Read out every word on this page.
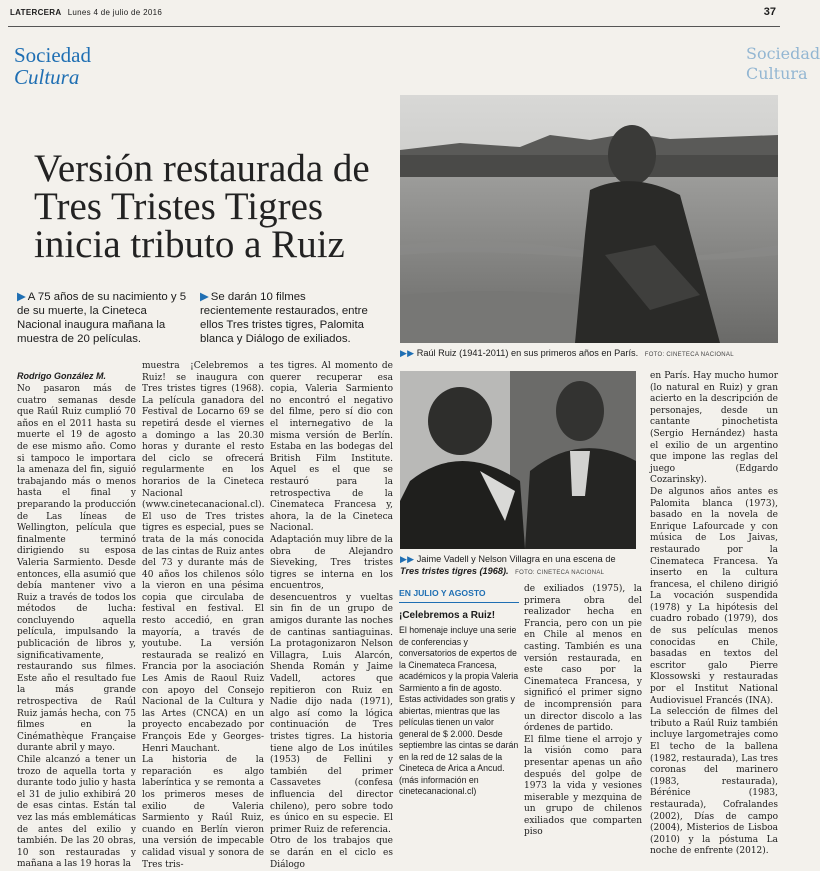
LATERCERA Lunes 4 de julio de 2016	37
Sociedad
Cultura
Sociedad
Cultura
Versión restaurada de Tres Tristes Tigres inicia tributo a Ruiz
▶ A 75 años de su nacimiento y 5 de su muerte, la Cineteca Nacional inaugura mañana la muestra de 20 películas.
▶ Se darán 10 filmes recientemente restaurados, entre ellos Tres tristes tigres, Palomita blanca y Diálogo de exiliados.
Rodrigo González M.
No pasaron más de cuatro semanas desde que Raúl Ruiz cumplió 70 años en el 2011 hasta su muerte el 19 de agosto de ese mismo año. Como si tampoco le importara la amenaza del fin, siguió trabajando más o menos hasta el final y preparando la producción de Las líneas de Wellington, película que finalmente terminó dirigiendo su esposa Valeria Sarmiento. Desde entonces, ella asumió que debía mantener vivo a Ruiz a través de todos los métodos de lucha: concluyendo aquella película, impulsando la publicación de libros y, significativamente, restaurando sus filmes. Este año el resultado fue la más grande retrospectiva de Raúl Ruiz jamás hecha, con 75 filmes en la Cinémathèque Française durante abril y mayo.
Chile alcanzó a tener un trozo de aquella torta y durante todo julio y hasta el 31 de julio exhibirá 20 de esas cintas. Están tal vez las más emblemáticas de antes del exilio y también. De las 20 obras, 10 son restauradas y mañana a las 19 horas la
muestra ¡Celebremos a Ruiz! se inaugura con Tres tristes tigres (1968). La película ganadora del Festival de Locarno 69 se repetirá desde el viernes a domingo a las 20.30 horas y durante el resto del ciclo se ofrecerá regularmente en los horarios de la Cineteca Nacional (www.cinetecanacional.cl).
El uso de Tres tristes tigres es especial, pues se trata de la más conocida de las cintas de Ruiz antes del 73 y durante más de 40 años los chilenos sólo la vieron en una pésima copia que circulaba de festival en festival. El resto accedió, en gran mayoría, a través de youtube. La versión restaurada se realizó en Francia por la asociación Les Amis de Raoul Ruiz con apoyo del Consejo Nacional de la Cultura y las Artes (CNCA) en un proyecto encabezado por François Ede y Georges-Henri Mauchant.
La historia de la reparación es algo laberíntica y se remonta a los primeros meses de exilio de Valeria Sarmiento y Raúl Ruiz, cuando en Berlín vieron una versión de impecable calidad visual y sonora de Tres tris-
tes tigres. Al momento de querer recuperar esa copia, Valeria Sarmiento no encontró el negativo del filme, pero sí dio con el internegativo de la misma versión de Berlín. Estaba en las bodegas del British Film Institute. Aquel es el que se restauró para la retrospectiva de la Cinemateca Francesa y, ahora, la de la Cineteca Nacional.
Adaptación muy libre de la obra de Alejandro Sieveking, Tres tristes tigres se interna en los encuentros, desencuentros y vueltas sin fin de un grupo de amigos durante las noches de cantinas santiaguinas. La protagonizaron Nelson Villagra, Luis Alarcón, Shenda Román y Jaime Vadell, actores que repitieron con Ruiz en Nadie dijo nada (1971), algo así como la lógica continuación de Tres tristes tigres. La historia tiene algo de Los inútiles (1953) de Fellini y también del primer Cassavetes (confesa influencia del director chileno), pero sobre todo es único en su especie. El primer Ruiz de referencia.
Otro de los trabajos que se darán en el ciclo es Diálogo
▶▶ Raúl Ruiz (1941-2011) en sus primeros años en París. FOTO: CINETECA NACIONAL
▶▶ Jaime Vadell y Nelson Villagra en una escena de
Tres tristes tigres (1968). FOTO: CINETECA NACIONAL
EN JULIO Y AGOSTO
¡Celebremos a Ruiz!
El homenaje incluye una serie de conferencias y conversatorios de expertos de la Cinemateca Francesa, académicos y la propia Valeria Sarmiento a fin de agosto. Estas actividades son gratis y abiertas, mientras que las películas tienen un valor general de $ 2.000. Desde septiembre las cintas se darán en la red de 12 salas de la Cineteca de Arica a Ancud. (más información en cinetecanacional.cl)
de exiliados (1975), la primera obra del realizador hecha en Francia, pero con un pie en Chile al menos en casting. También es una versión restaurada, en este caso por la Cinemateca Francesa, y significó el primer signo de incomprensión para un director discolo a las órdenes de partido.
El filme tiene el arrojo y la visión como para presentar apenas un año después del golpe de 1973 la vida y vesiones miserable y mezquina de un grupo de chilenos exiliados que comparten piso
en París. Hay mucho humor (lo natural en Ruiz) y gran acierto en la descripción de personajes, desde un cantante pinochetista (Sergio Hernández) hasta el exilio de un argentino que impone las reglas del juego (Edgardo Cozarinsky).
De algunos años antes es Palomita blanca (1973), basado en la novela de Enrique Lafourcade y con música de Los Jaivas, restaurado por la Cinemateca Francesa. Ya inserto en la cultura francesa, el chileno dirigió La vocación suspendida (1978) y La hipótesis del cuadro robado (1979), dos de sus películas menos conocidas en Chile, basadas en textos del escritor galo Pierre Klossowski y restauradas por el Institut National Audiovisuel Francés (INA).
La selección de filmes del tributo a Raúl Ruiz también incluye largometrajes como El techo de la ballena (1982, restaurada), Las tres coronas del marinero (1983, restaurada), Bérénice (1983, restaurada), Cofralandes (2002), Días de campo (2004), Misterios de Lisboa (2010) y la póstuma La noche de enfrente (2012).
